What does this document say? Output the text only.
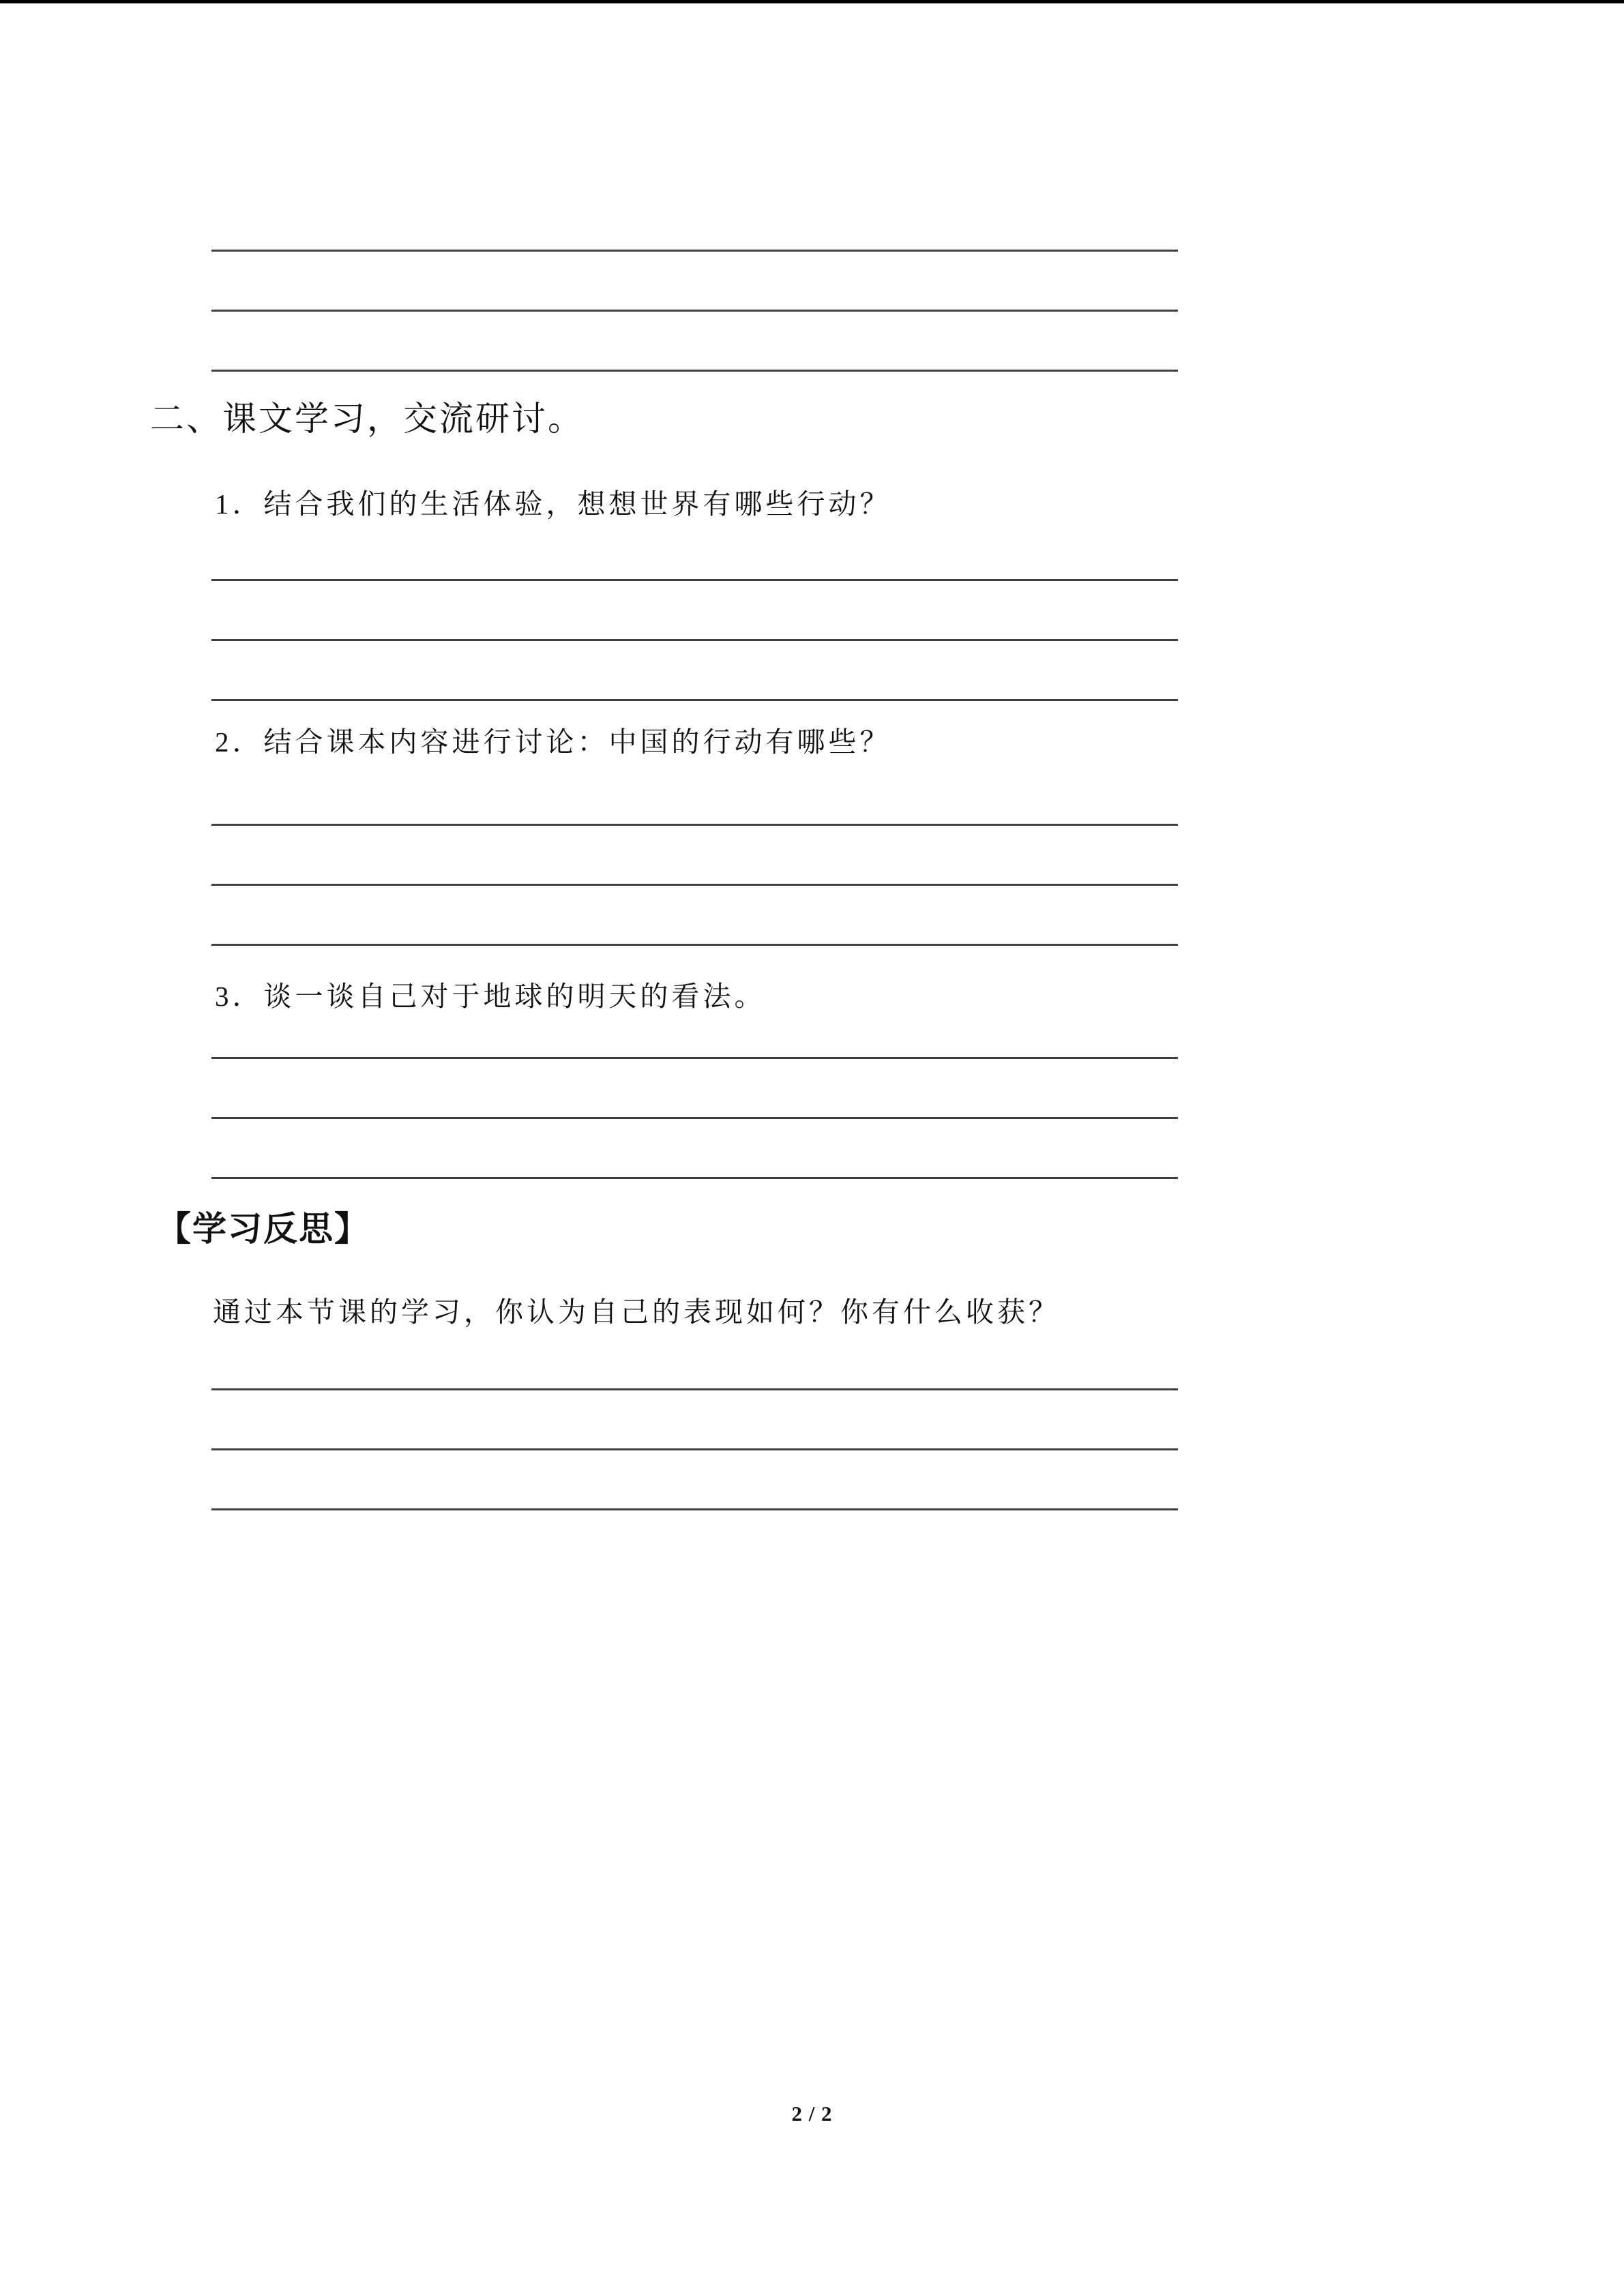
二、课文学习，交流研讨。
1．结合我们的生活体验，想想世界有哪些行动？
2．结合课本内容进行讨论：中国的行动有哪些？
3．谈一谈自己对于地球的明天的看法。
【学习反思】
通过本节课的学习，你认为自己的表现如何？你有什么收获？
2 / 2
